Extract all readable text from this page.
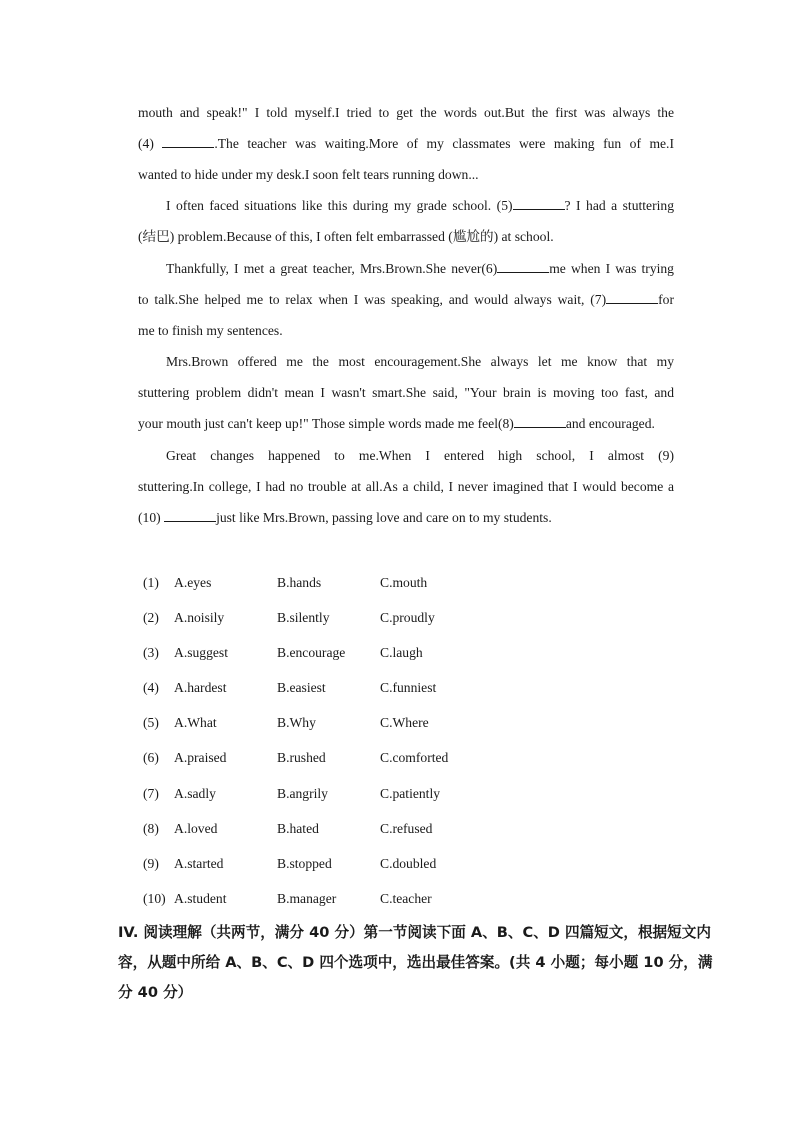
mouth and speak!" I told myself.I tried to get the words out.But the first was always the
(4)	.The teacher was waiting.More of my classmates were making fun of me.I
wanted to hide under my desk.I soon felt tears running down...
I often faced situations like this during my grade school. (5)	? I had a stuttering
(结巴) problem.Because of this, I often felt embarrassed (尴尬的) at school.
Thankfully, I met a great teacher, Mrs.Brown.She never(6)	me when I was trying
to talk.She helped me to relax when I was speaking, and would always wait, (7)	for
me to finish my sentences.
Mrs.Brown offered me the most encouragement.She always let me know that my
stuttering problem didn't mean I wasn't smart.She said, "Your brain is moving too fast, and
your mouth just can't keep up!" Those simple words made me feel(8)	and encouraged.
Great changes happened to me.When I entered high school, I almost (9)
stuttering.In college, I had no trouble at all.As a child, I never imagined that I would become a
(10)	just like Mrs.Brown, passing love and care on to my students.
(1) A.eyes	B.hands	C.mouth
(2) A.noisily	B.silently	C.proudly
(3) A.suggest	B.encourage	C.laugh
(4) A.hardest	B.easiest	C.funniest
(5) A.What	B.Why	C.Where
(6) A.praised	B.rushed	C.comforted
(7) A.sadly	B.angrily	C.patiently
(8) A.loved	B.hated	C.refused
(9) A.started	B.stopped	C.doubled
(10) A.student	B.manager	C.teacher
IV. 阅读理解（共两节，满分 40 分）第一节阅读下面 A、B、C、D 四篇短文，根据短文内
容，从题中所给 A、B、C、D 四个选项中，选出最佳答案。(共 4 小题；每小题 10 分，满
分 40 分）
